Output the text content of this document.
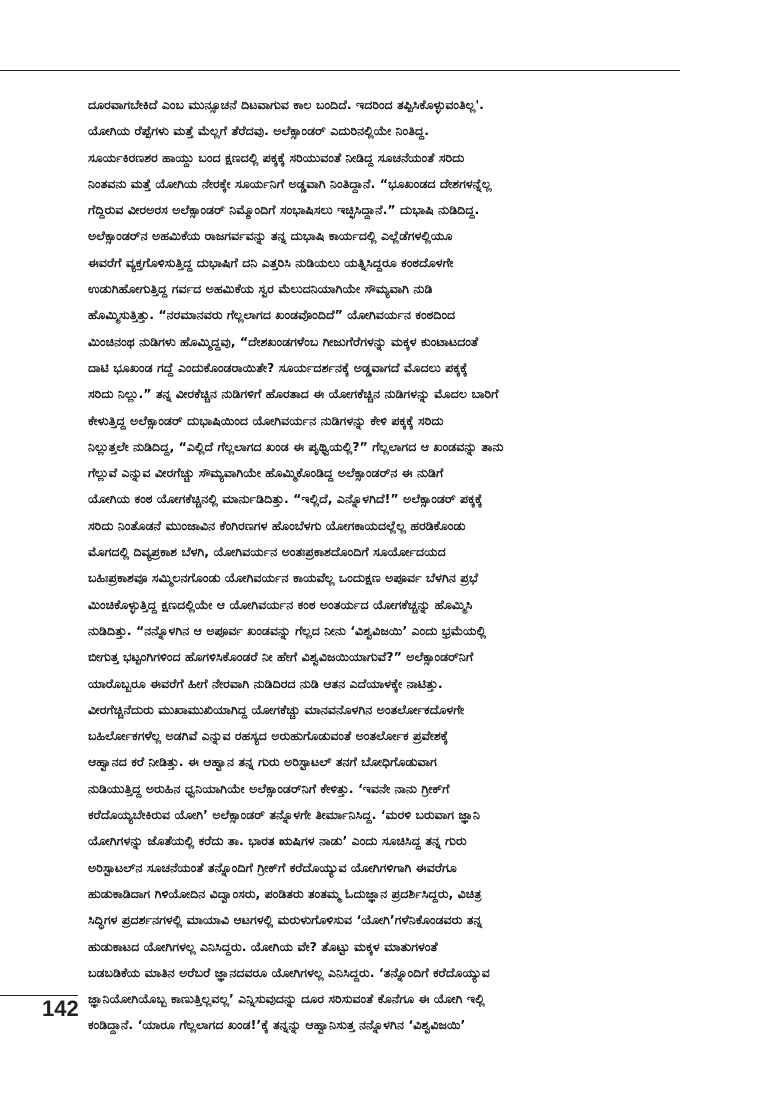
ದೂರವಾಗಬೇಕಿದೆ ಎಂಬ ಮುನ್ಸೂಚನೆ ದಿಟವಾಗುವ ಕಾಲ ಬಂದಿದೆ. ಇದರಿಂದ ತಪ್ಪಿಸಿಕೊಳ್ಳುವಂತಿಲ್ಲ'.
ಯೋಗಿಯ ರೆಪ್ಪೆಗಳು ಮತ್ತೆ ಮೆಲ್ಲಗೆ ತೆರೆದವು. ಅಲೆಕ್ಸಾಂಡರ್ ಎದುರಿನಲ್ಲಿಯೇ ನಿಂತಿದ್ದ.
ಸೂರ್ಯಕಿರಣಶರ ಹಾಯ್ದು ಬಂದ ಕ್ಷಣದಲ್ಲಿ ಪಕ್ಕಕ್ಕೆ ಸರಿಯುವಂತೆ ನೀಡಿದ್ದ ಸೂಚನೆಯಂತೆ ಸರಿದು
ನಿಂತವನು ಮತ್ತೆ ಯೋಗಿಯ ನೇರಕ್ಕೇ ಸೂರ್ಯನಿಗೆ ಅಡ್ಡವಾಗಿ ನಿಂತಿದ್ದಾನೆ. “ಭೂಖಂಡದ ದೇಶಗಳನ್ನೆಲ್ಲ
ಗೆದ್ದಿರುವ ವೀರಅರಸ ಅಲೆಕ್ಸಾಂಡರ್ ನಿಮ್ಮೊಂದಿಗೆ ಸಂಭಾಷಿಸಲು ಇಚ್ಛಿಸಿದ್ದಾನೆ.” ದುಭಾಷಿ ನುಡಿದಿದ್ದ.
ಅಲೆಕ್ಸಾಂಡರ್‌ನ ಅಹಮಿಕೆಯ ರಾಜಗರ್ವವನ್ನು ತನ್ನ ದುಭಾಷಿ ಕಾರ್ಯದಲ್ಲಿ ಎಲ್ಲೆಡೆಗಳಲ್ಲಿಯೂ
ಈವರೆಗೆ ವ್ಯಕ್ತಗೊಳಿಸುತ್ತಿದ್ದ ದುಭಾಷಿಗೆ ದನಿ ಎತ್ತರಿಸಿ ನುಡಿಯಲು ಯತ್ನಿಸಿದ್ದರೂ ಕಂಠದೊಳಗೇ
ಉಡುಗಿಹೋಗುತ್ತಿದ್ದ ಗರ್ವದ ಅಹಮಿಕೆಯ ಸ್ವರ ಮೆಲುದನಿಯಾಗಿಯೇ ಸೌಮ್ಯವಾಗಿ ನುಡಿ
ಹೊಮ್ಮಿಸುತ್ತಿತ್ತು. “ನರಮಾನವರು ಗೆಲ್ಲಲಾಗದ ಖಂಡವೊಂದಿದೆ” ಯೋಗಿವರ್ಯನ ಕಂಠದಿಂದ
ಮಿಂಚಿನಂಥ ನುಡಿಗಳು ಹೊಮ್ಮಿದ್ದವು, “ದೇಶಖಂಡಗಳೆಂಬ ಗೀಜುಗೆರೆಗಳನ್ನು ಮಕ್ಕಳ ಕುಂಟಾಟದಂತೆ
ದಾಟಿ ಭೂಖಂಡ ಗದ್ದೆ ಎಂದುಕೊಂಡರಾಯಿತೇ? ಸೂರ್ಯದರ್ಶನಕ್ಕೆ ಅಡ್ಡವಾಗದೆ ಮೊದಲು ಪಕ್ಕಕ್ಕೆ
ಸರಿದು ನಿಲ್ಲು.” ತನ್ನ ವೀರಕೆಚ್ಚಿನ ನುಡಿಗಳಿಗೆ ಹೊರತಾದ ಈ ಯೋಗಕೆಚ್ಚಿನ ನುಡಿಗಳನ್ನು ಮೊದಲ ಬಾರಿಗೆ
ಕೇಳುತ್ತಿದ್ದ ಅಲೆಕ್ಸಾಂಡರ್ ದುಭಾಷಿಯಿಂದ ಯೋಗಿವರ್ಯನ ನುಡಿಗಳನ್ನು ಕೇಳಿ ಪಕ್ಕಕ್ಕೆ ಸರಿದು
ನಿಲ್ಲುತ್ತಲೇ ನುಡಿದಿದ್ದ, “ಎಲ್ಲಿದೆ ಗೆಲ್ಲಲಾಗದ ಖಂಡ ಈ ಪೃಥ್ವಿಯಲ್ಲಿ?” ಗೆಲ್ಲಲಾಗದ ಆ ಖಂಡವನ್ನು ತಾನು
ಗೆಲ್ಲುವೆ ಎನ್ನುವ ವೀರಗೆಚ್ಚು ಸೌಮ್ಯವಾಗಿಯೇ ಹೊಮ್ಮಿಕೊಂಡಿದ್ದ ಅಲೆಕ್ಸಾಂಡರ್‌ನ ಈ ನುಡಿಗೆ
ಯೋಗಿಯ ಕಂಠ ಯೋಗಕೆಚ್ಚಿನಲ್ಲಿ ಮಾರ್ನುಡಿದಿತ್ತು. “ಇಲ್ಲಿದೆ, ಎನ್ನೊಳಗಿದೆ!” ಅಲೆಕ್ಸಾಂಡರ್ ಪಕ್ಕಕ್ಕೆ
ಸರಿದು ನಿಂತೊಡನೆ ಮುಂಜಾವಿನ ಕೆಂಗಿರಣಗಳ ಹೊಂಬೆಳಗು ಯೋಗಕಾಯದಲ್ಲೆಲ್ಲ ಹರಡಿಕೊಂಡು
ಮೊಗದಲ್ಲಿ ದಿವ್ಯಪ್ರಕಾಶ ಬೆಳಗಿ, ಯೋಗಿವರ್ಯನ ಅಂತಃಪ್ರಕಾಶದೊಂದಿಗೆ ಸೂರ್ಯೋದಯದ
ಬಹಿಃಪ್ರಕಾಶವೂ ಸಮ್ಮಿಲನಗೊಂಡು ಯೋಗಿವರ್ಯನ ಕಾಯವೆಲ್ಲ ಒಂದುಕ್ಷಣ ಅಪೂರ್ವ ಬೆಳಗಿನ ಪ್ರಭೆ
ಮಿಂಚಿಕೊಳ್ಳುತ್ತಿದ್ದ ಕ್ಷಣದಲ್ಲಿಯೇ ಆ ಯೋಗಿವರ್ಯನ ಕಂಠ ಅಂತರ್ಯದ ಯೋಗಕೆಚ್ಚನ್ನು ಹೊಮ್ಮಿಸಿ
ನುಡಿದಿತ್ತು. “ನನ್ನೊಳಗಿನ ಆ ಅಪೂರ್ವ ಖಂಡವನ್ನು ಗೆಲ್ಲದ ನೀನು ‘ವಿಶ್ವವಿಜಯಿ’ ಎಂದು ಭ್ರಮೆಯಲ್ಲಿ
ಬೀಗುತ್ತ ಭಟ್ಟಂಗಿಗಳಿಂದ ಹೊಗಳಿಸಿಕೊಂಡರೆ ನೀ ಹೇಗೆ ವಿಶ್ವವಿಜಯಿಯಾಗುವೆ?” ಅಲೆಕ್ಸಾಂಡರ್‌ನಿಗೆ
ಯಾರೊಬ್ಬರೂ ಈವರೆಗೆ ಹೀಗೆ ನೇರವಾಗಿ ನುಡಿದಿರದ ನುಡಿ ಆತನ ಎದೆಯಾಳಕ್ಕೇ ನಾಟಿತ್ತು.
ವೀರಗೆಚ್ಚಿನೆದುರು ಮುಖಾಮುಖಿಯಾಗಿದ್ದ ಯೋಗಕೆಚ್ಚು ಮಾನವನೊಳಗಿನ ಅಂತರ್ಲೋಕದೊಳಗೇ
ಬಹಿರ್ಲೋಕಗಳೆಲ್ಲ ಅಡಗಿವೆ ಎನ್ನುವ ರಹಸ್ಯದ ಅರುಹುಗೊಡುವಂತೆ ಅಂತರ್ಲೋಕ ಪ್ರವೇಶಕ್ಕೆ
ಆಹ್ವಾನದ ಕರೆ ನೀಡಿತ್ತು. ಈ ಆಹ್ವಾನ ತನ್ನ ಗುರು ಅರಿಸ್ಟಾಟಲ್ ತನಗೆ ಬೋಧಿಗೊಡುವಾಗ
ನುಡಿಯುತ್ತಿದ್ದ ಅರುಹಿನ ಧ್ವನಿಯಾಗಿಯೇ ಅಲೆಕ್ಸಾಂಡರ್‌ನಿಗೆ ಕೇಳಿತ್ತು. ‘ಇವನೇ ನಾನು ಗ್ರೀಕ್‌ಗೆ
ಕರೆದೊಯ್ಯಬೇಕಿರುವ ಯೋಗಿ’ ಅಲೆಕ್ಸಾಂಡರ್ ತನ್ನೊಳಗೇ ತೀರ್ಮಾನಿಸಿದ್ದ. ‘ಮರಳಿ ಬರುವಾಗ ಜ್ಞಾನಿ
ಯೋಗಿಗಳನ್ನು ಜೊತೆಯಲ್ಲಿ ಕರೆದು ತಾ. ಭಾರತ ಋಷಿಗಳ ನಾಡು’ ಎಂದು ಸೂಚಿಸಿದ್ದ ತನ್ನ ಗುರು
ಅರಿಸ್ಟಾಟಲ್‌ನ ಸೂಚನೆಯಂತೆ ತನ್ನೊಂದಿಗೆ ಗ್ರೀಕ್‌ಗೆ ಕರೆದೊಯ್ಯುವ ಯೋಗಿಗಳಿಗಾಗಿ ಈವರೆಗೂ
ಹುಡುಕಾಡಿದಾಗ ಗಿಳಿಯೋದಿನ ವಿದ್ವಾಂಸರು, ಪಂಡಿತರು ತಂತಮ್ಮ ಓದುಜ್ಞಾನ ಪ್ರದರ್ಶಿಸಿದ್ದರು, ವಿಚಿತ್ರ
ಸಿದ್ಧಿಗಳ ಪ್ರದರ್ಶನಗಳಲ್ಲಿ ಮಾಯಾವಿ ಆಟಗಳಲ್ಲಿ ಮರುಳುಗೊಳಿಸುವ ‘ಯೋಗಿ’ಗಳೆನಿಕೊಂಡವರು ತನ್ನ
ಹುಡುಕಾಟದ ಯೋಗಿಗಳಲ್ಲ ಎನಿಸಿದ್ದರು. ಯೋಗಿಯ ವೇ? ತೊಟ್ಟು ಮಕ್ಕಳ ಮಾತುಗಳಂತೆ
ಬಡಬಡಿಕೆಯ ಮಾತಿನ ಅರೆಬರೆ ಜ್ಞಾನದವರೂ ಯೋಗಿಗಳಲ್ಲ ಎನಿಸಿದ್ದರು. ‘ತನ್ನೊಂದಿಗೆ ಕರೆದೊಯ್ಯುವ
ಜ್ಞಾನಿಯೋಗಿಯೊಬ್ಬ ಕಾಣುತ್ತಿಲ್ಲವಲ್ಲ’ ಎನ್ನಿಸುವುದನ್ನು ದೂರ ಸರಿಸುವಂತೆ ಕೊನೆಗೂ ಈ ಯೋಗಿ ಇಲ್ಲಿ
ಕಂಡಿದ್ದಾನೆ. ‘ಯಾರೂ ಗೆಲ್ಲಲಾಗದ ಖಂಡ!’ಕ್ಕೆ ತನ್ನನ್ನು ಆಹ್ವಾನಿಸುತ್ತ ನನ್ನೊಳಗಿನ ‘ವಿಶ್ವವಿಜಯಿ’
142
